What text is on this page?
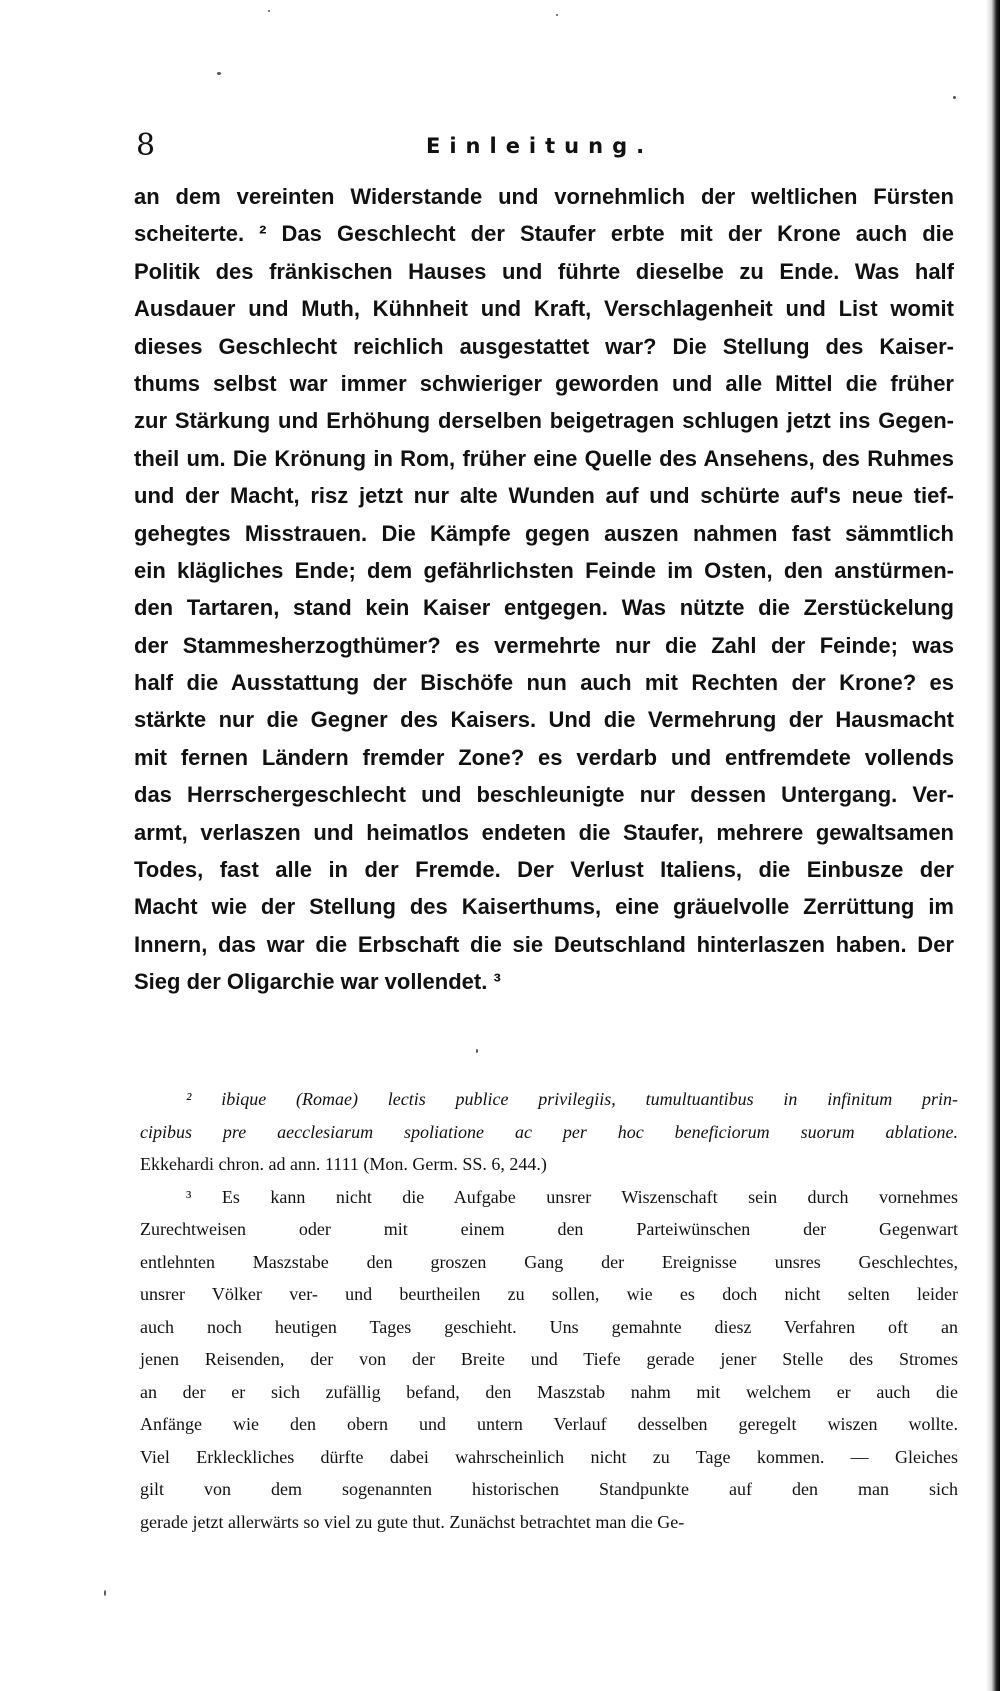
8	Einleitung.
an dem vereinten Widerstande und vornehmlich der weltlichen Fürsten
scheiterte. ² Das Geschlecht der Staufer erbte mit der Krone auch die
Politik des fränkischen Hauses und führte dieselbe zu Ende. Was half
Ausdauer und Muth, Kühnheit und Kraft, Verschlagenheit und List womit
dieses Geschlecht reichlich ausgestattet war? Die Stellung des Kaiser-
thums selbst war immer schwieriger geworden und alle Mittel die früher
zur Stärkung und Erhöhung derselben beigetragen schlugen jetzt ins Gegen-
theil um. Die Krönung in Rom, früher eine Quelle des Ansehens, des Ruhmes
und der Macht, risz jetzt nur alte Wunden auf und schürte auf's neue tief-
gehegtes Misstrauen. Die Kämpfe gegen auszen nahmen fast sämmtlich
ein klägliches Ende; dem gefährlichsten Feinde im Osten, den anstürmen-
den Tartaren, stand kein Kaiser entgegen. Was nützte die Zerstückelung
der Stammesherzogthümer? es vermehrte nur die Zahl der Feinde; was
half die Ausstattung der Bischöfe nun auch mit Rechten der Krone? es
stärkte nur die Gegner des Kaisers. Und die Vermehrung der Hausmacht
mit fernen Ländern fremder Zone? es verdarb und entfremdete vollends
das Herrschergeschlecht und beschleunigte nur dessen Untergang. Ver-
armt, verlaszen und heimatlos endeten die Staufer, mehrere gewaltsamen
Todes, fast alle in der Fremde. Der Verlust Italiens, die Einbusze der
Macht wie der Stellung des Kaiserthums, eine gräuelvolle Zerrüttung im
Innern, das war die Erbschaft die sie Deutschland hinterlaszen haben. Der
Sieg der Oligarchie war vollendet. ³
² ibique (Romae) lectis publice privilegiis, tumultuantibus in infinitum prin-
cipibus pre aecclesiarum spoliatione ac per hoc beneficiorum suorum ablatione.
Ekkehardi chron. ad ann. 1111 (Mon. Germ. SS. 6, 244.)
³ Es kann nicht die Aufgabe unsrer Wiszenschaft sein durch vornehmes
Zurechtweisen oder mit einem den Parteiwünschen der Gegenwart
entlehnten Maszstabe den groszen Gang der Ereignisse unsres Geschlechtes,
unsrer Völker ver- und beurtheilen zu sollen, wie es doch nicht selten leider
auch noch heutigen Tages geschieht. Uns gemahnte diesz Verfahren oft an
jenen Reisenden, der von der Breite und Tiefe gerade jener Stelle des Stromes
an der er sich zufällig befand, den Maszstab nahm mit welchem er auch die
Anfänge wie den obern und untern Verlauf desselben geregelt wiszen wollte.
Viel Erkleckliches dürfte dabei wahrscheinlich nicht zu Tage kommen. — Gleiches
gilt von dem sogenannten historischen Standpunkte auf den man sich
gerade jetzt allerwärts so viel zu gute thut. Zunächst betrachtet man die Ge-
